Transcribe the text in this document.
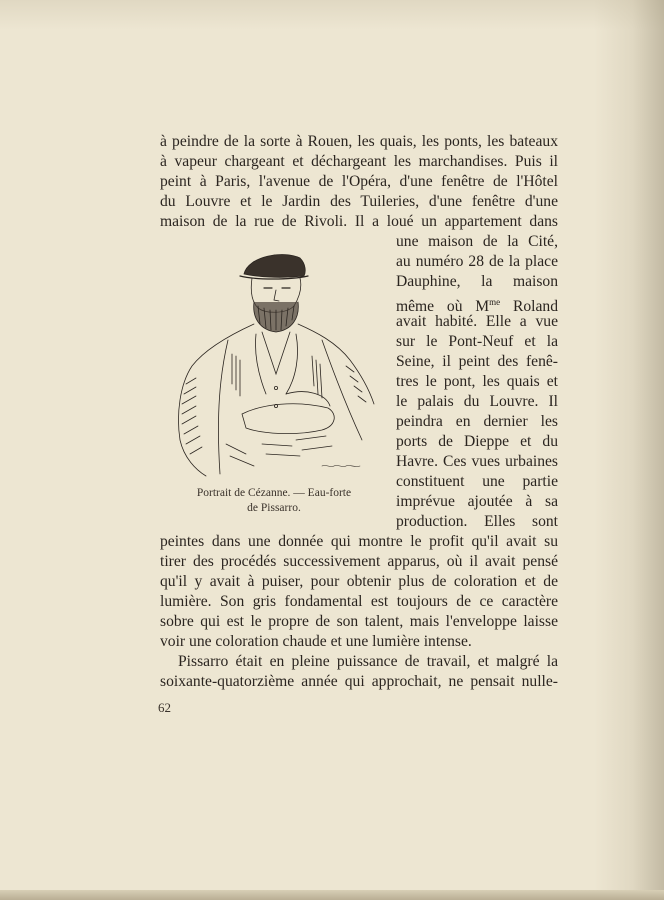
à peindre de la sorte à Rouen, les quais, les ponts, les bateaux
à vapeur chargeant et déchargeant les marchandises. Puis il
peint à Paris, l'avenue de l'Opéra, d'une fenêtre de l'Hôtel
du Louvre et le Jardin des Tuileries, d'une fenêtre d'une
maison de la rue de Rivoli. Il a loué un appartement dans
une maison de la Cité,
au numéro 28 de la place
Dauphine, la maison
même où $M^{me}$ Roland
avait habité. Elle a vue
sur le Pont-Neuf et la
Seine, il peint des fenê-
tres le pont, les quais et
le palais du Louvre. Il
peindra en dernier les
ports de Dieppe et du
Havre. Ces vues urbaines
constituent une partie
imprévue ajoutée à sa
production. Elles sont
Portrait de Cézanne. — Eau-forte
de Pissarro.
peintes dans une donnée qui montre le profit qu'il avait su
tirer des procédés successivement apparus, où il avait pensé
qu'il y avait à puiser, pour obtenir plus de coloration et de
lumière. Son gris fondamental est toujours de ce caractère
sobre qui est le propre de son talent, mais l'enveloppe laisse
voir une coloration chaude et une lumière intense.
Pissarro était en pleine puissance de travail, et malgré la
soixante-quatorzième année qui approchait, ne pensait nulle-
62
